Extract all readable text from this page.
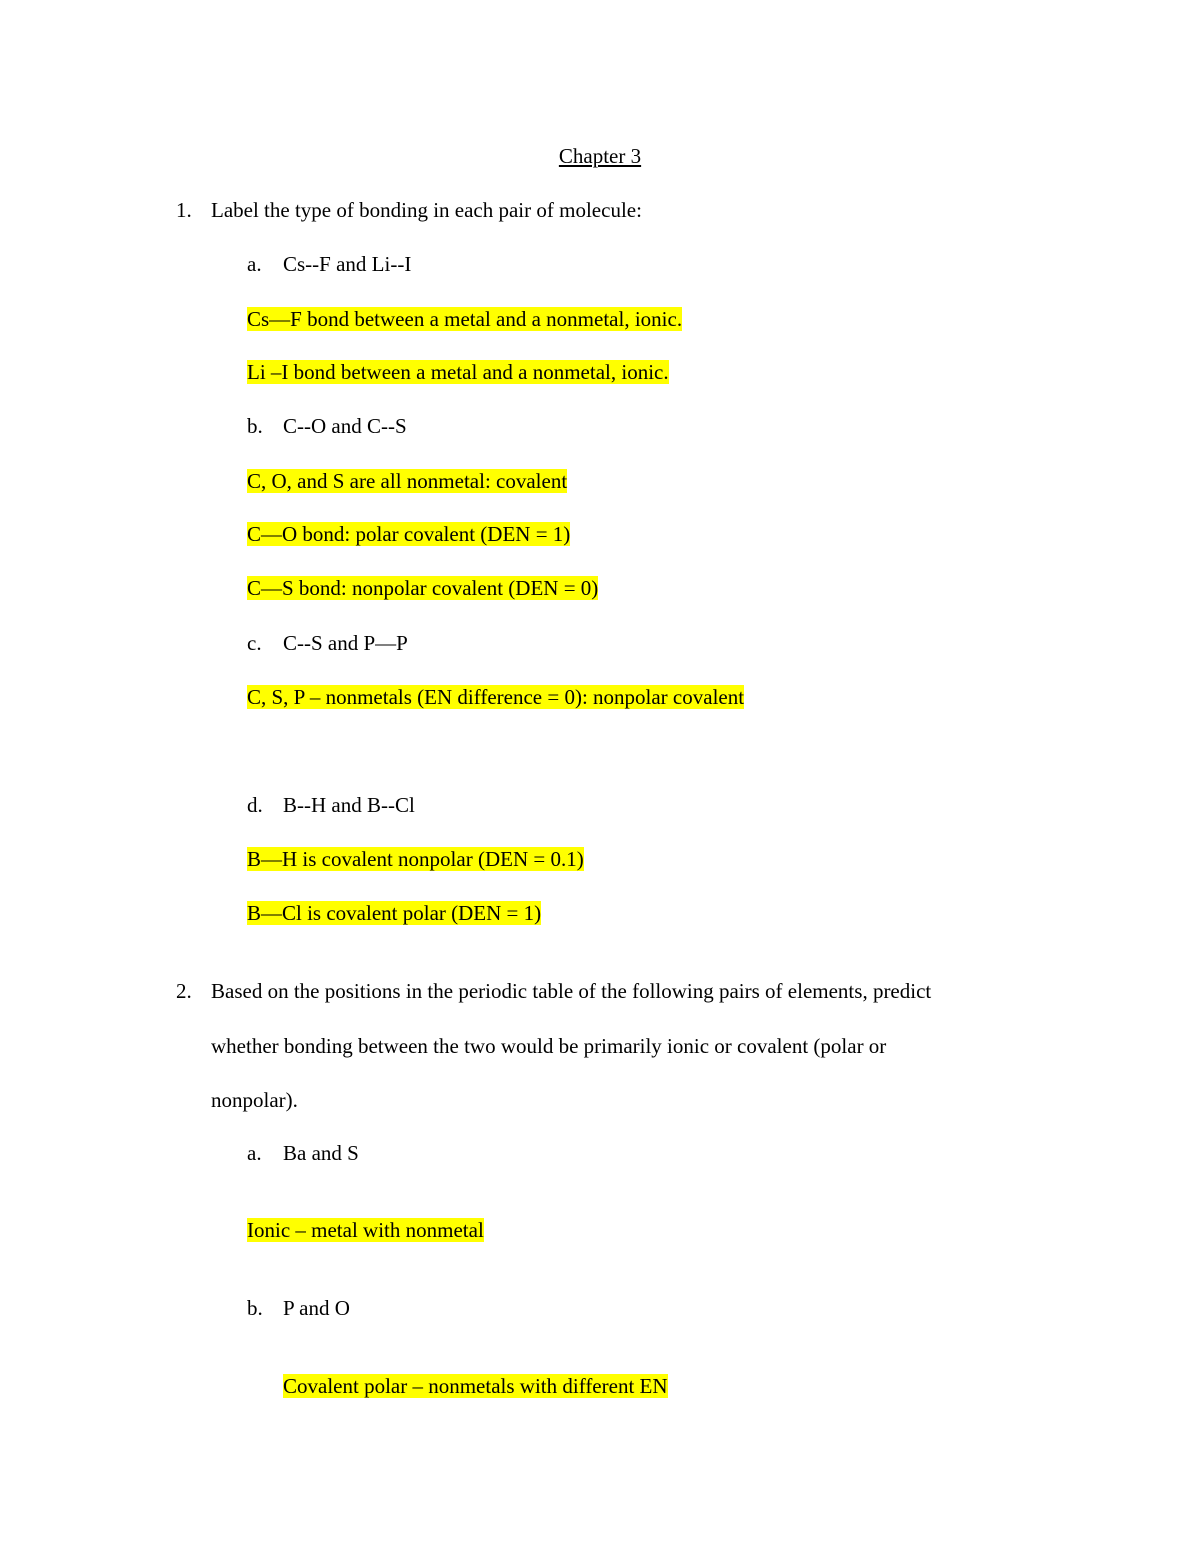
Chapter 3
1. Label the type of bonding in each pair of molecule:
a. Cs--F and Li--I
Cs—F bond between a metal and a nonmetal, ionic.
Li –I bond between a metal and a nonmetal, ionic.
b. C--O and C--S
C, O, and S are all nonmetal: covalent
C—O bond: polar covalent (DEN = 1)
C—S bond: nonpolar covalent (DEN = 0)
c. C--S and P—P
C, S, P – nonmetals (EN difference = 0): nonpolar covalent
d. B--H and B--Cl
B—H is covalent nonpolar (DEN = 0.1)
B—Cl is covalent polar (DEN = 1)
2. Based on the positions in the periodic table of the following pairs of elements, predict
whether bonding between the two would be primarily ionic or covalent (polar or
nonpolar).
a. Ba and S
Ionic – metal with nonmetal
b. P and O
Covalent polar – nonmetals with different EN
